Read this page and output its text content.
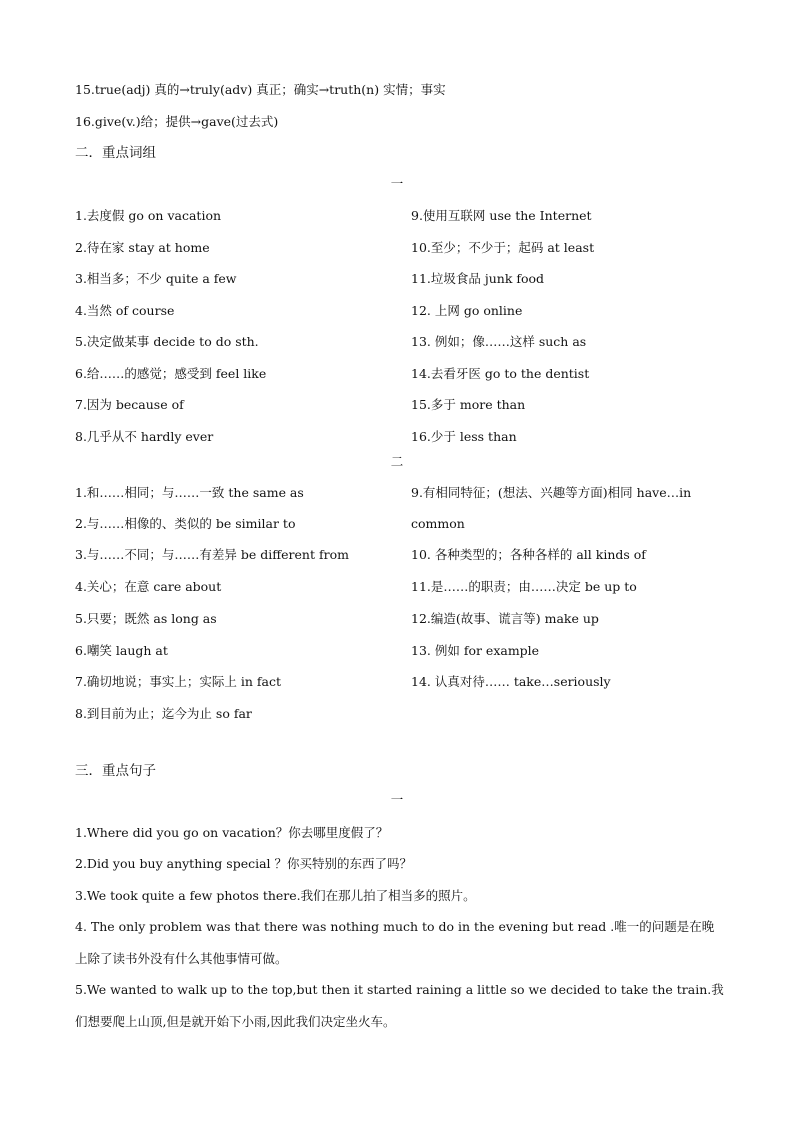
15.true(adj) 真的→truly(adv) 真正；确实→truth(n) 实情；事实
16.give(v.)给；提供→gave(过去式)
二．重点词组
一
1.去度假 go on vacation
2.待在家 stay at home
3.相当多；不少 quite a few
4.当然 of course
5.决定做某事 decide to do sth.
6.给……的感觉；感受到 feel like
7.因为 because of
8.几乎从不 hardly ever
9.使用互联网 use the Internet
10.至少；不少于；起码 at least
11.垃圾食品 junk food
12. 上网 go online
13. 例如；像……这样 such as
14.去看牙医 go to the dentist
15.多于 more than
16.少于 less than
二
1.和……相同；与……一致 the same as
2.与……相像的、类似的 be similar to
3.与……不同；与……有差异 be different from
4.关心；在意 care about
5.只要；既然 as long as
6.嘲笑 laugh at
7.确切地说；事实上；实际上 in fact
8.到目前为止；迄今为止 so far
9.有相同特征；(想法、兴趣等方面)相同 have…in
common
10. 各种类型的；各种各样的 all kinds of
11.是……的职责；由……决定 be up to
12.编造(故事、谎言等) make up
13. 例如 for example
14. 认真对待…… take…seriously
三．重点句子
一
1.Where did you go on vacation？你去哪里度假了？
2.Did you buy anything special ？你买特别的东西了吗？
3.We took quite a few photos there.我们在那儿拍了相当多的照片。
4. The only problem was that there was nothing much to do in the evening but read .唯一的问题是在晚上除了读书外没有什么其他事情可做。
5.We wanted to walk up to the top,but then it started raining a little so we decided to take the train.我们想要爬上山顶,但是就开始下小雨,因此我们决定坐火车。
